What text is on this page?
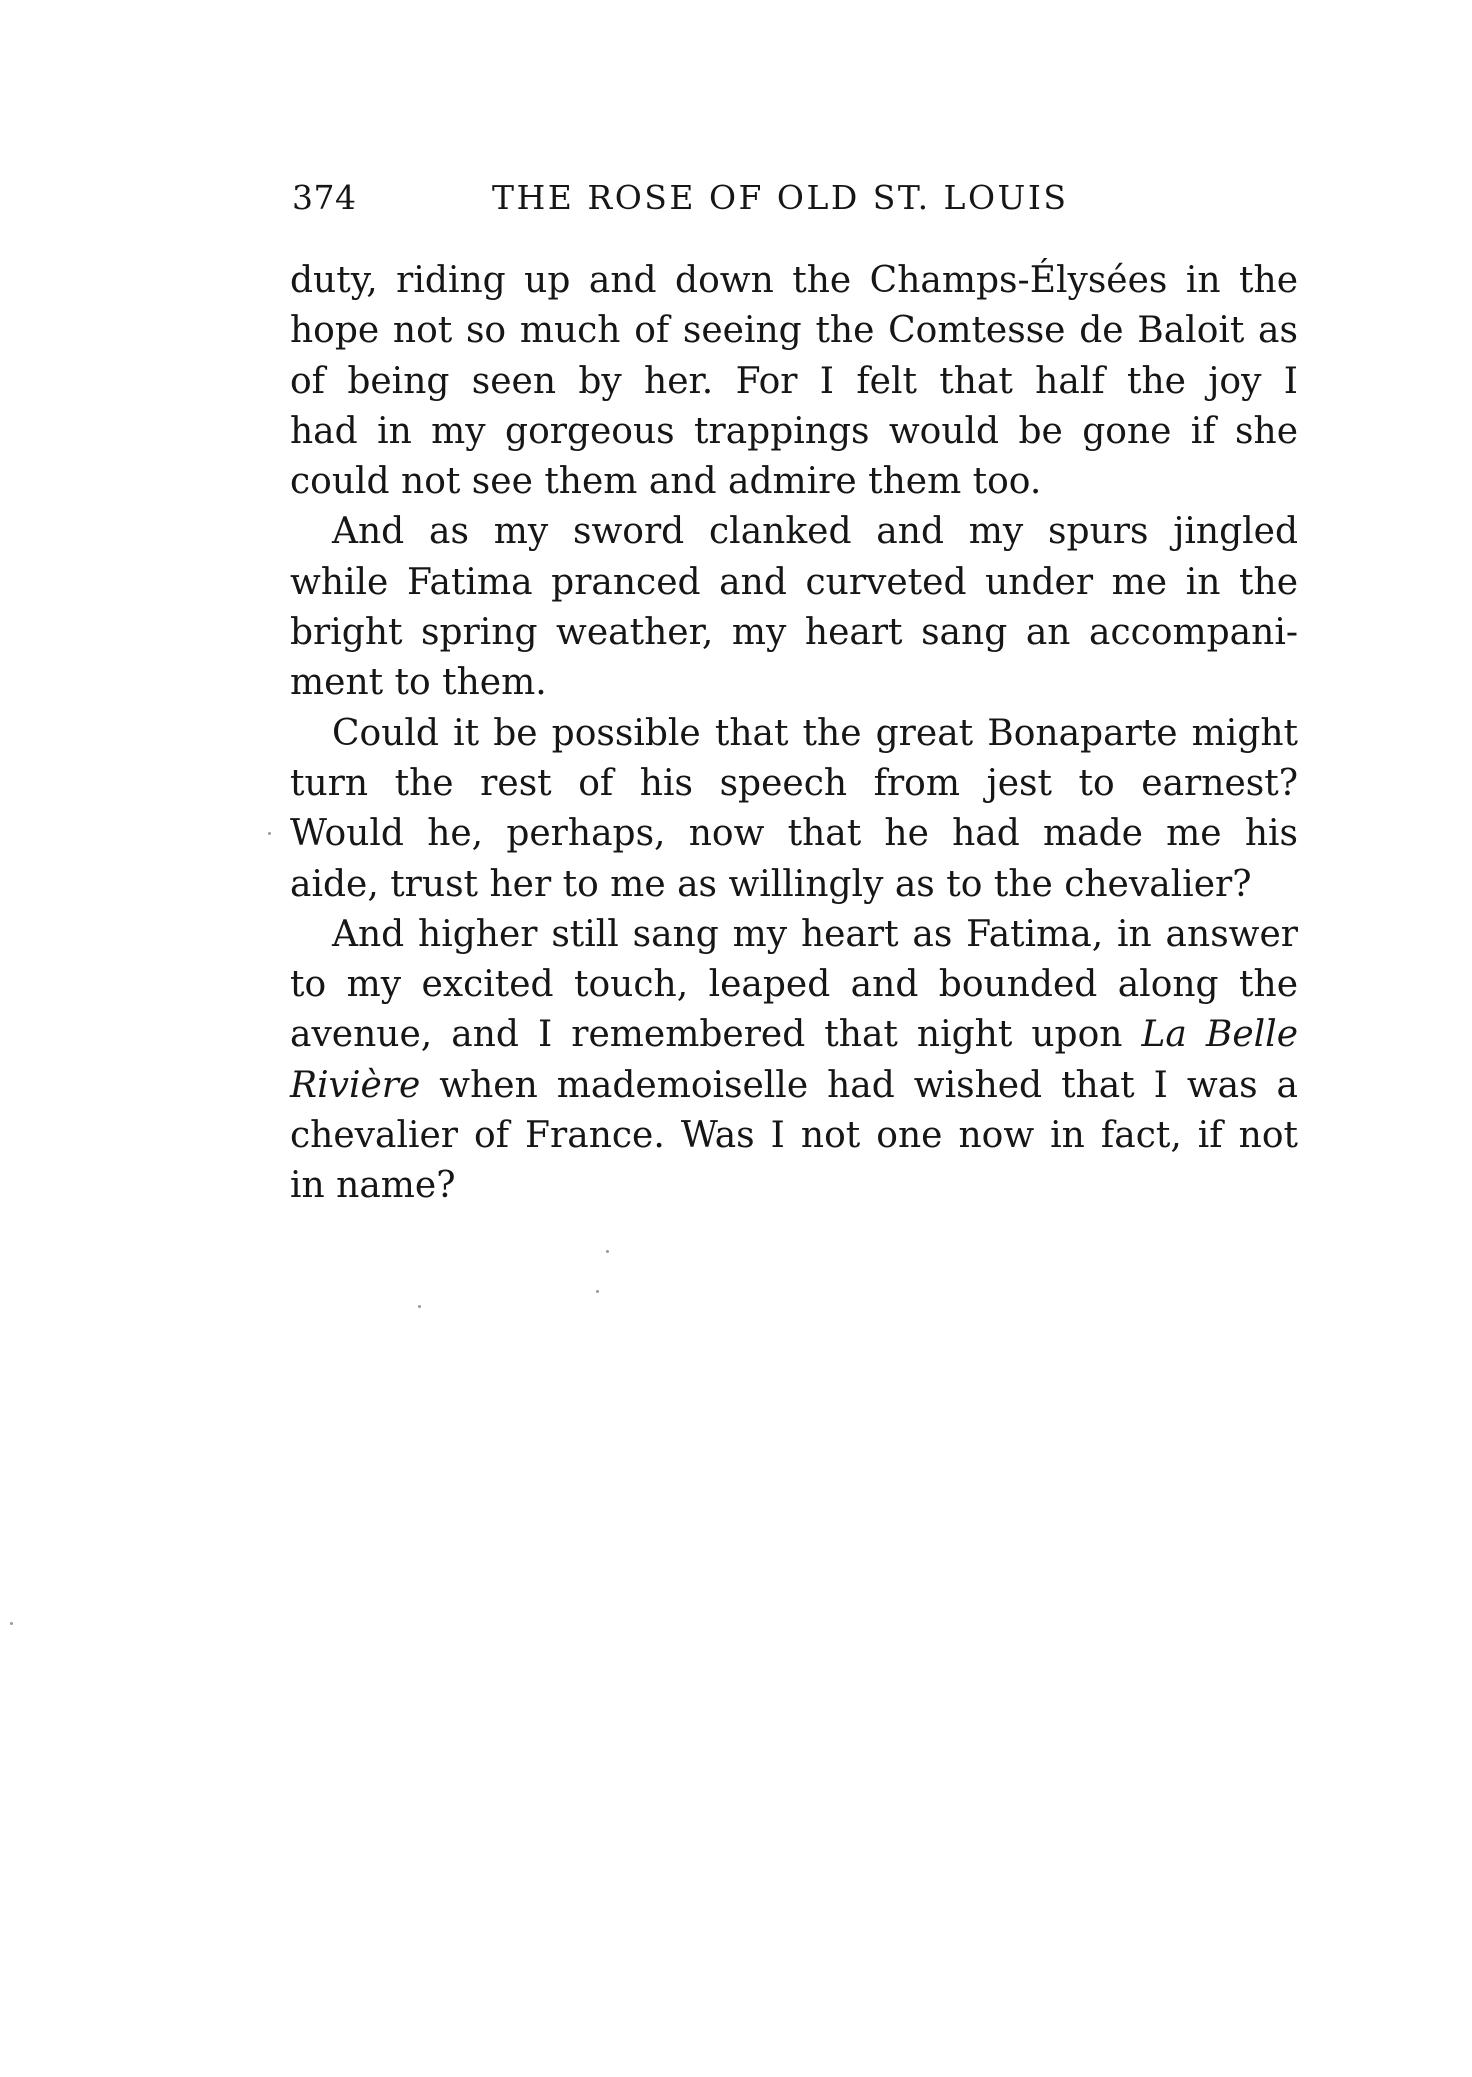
374	THE ROSE OF OLD ST. LOUIS
duty, riding up and down the Champs-Élysées in the
hope not so much of seeing the Comtesse de Baloit as
of being seen by her. For I felt that half the joy I
had in my gorgeous trappings would be gone if she
could not see them and admire them too.
And as my sword clanked and my spurs jingled
while Fatima pranced and curveted under me in the
bright spring weather, my heart sang an accompani-
ment to them.
Could it be possible that the great Bonaparte might
turn the rest of his speech from jest to earnest?
Would he, perhaps, now that he had made me his
aide, trust her to me as willingly as to the chevalier?
And higher still sang my heart as Fatima, in answer
to my excited touch, leaped and bounded along the
avenue, and I remembered that night upon La Belle
Rivière when mademoiselle had wished that I was a
chevalier of France. Was I not one now in fact, if not
in name?
